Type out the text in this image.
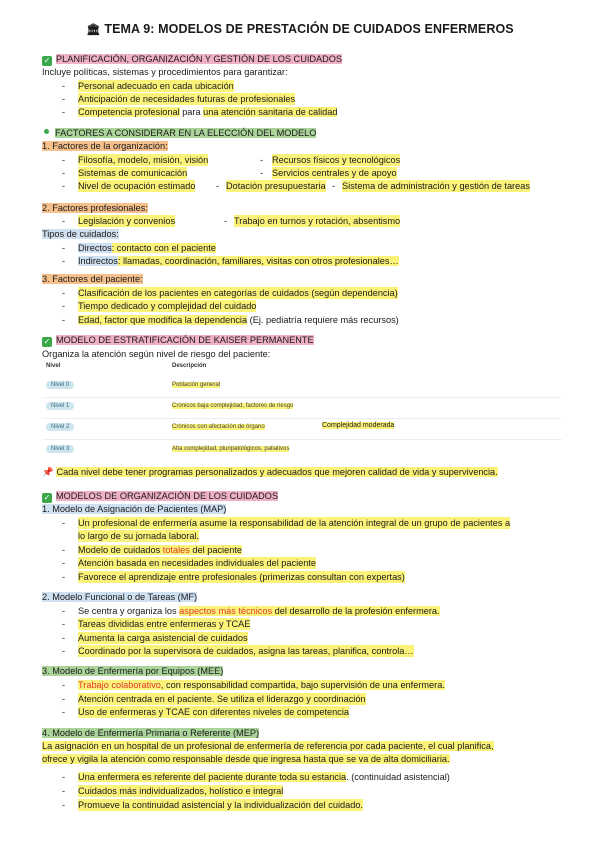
🏛 TEMA 9: MODELOS DE PRESTACIÓN DE CUIDADOS ENFERMEROS
✓ PLANIFICACIÓN, ORGANIZACIÓN Y GESTIÓN DE LOS CUIDADOS
Incluye políticas, sistemas y procedimientos para garantizar:
- Personal adecuado en cada ubicación
- Anticipación de necesidades futuras de profesionales
- Competencia profesional para una atención sanitaria de calidad
FACTORES A CONSIDERAR EN LA ELECCIÓN DEL MODELO
1. Factores de la organización:
- Filosofía, modelo, misión, visión	- Recursos físicos y tecnológicos
- Sistemas de comunicación	- Servicios centrales y de apoyo
- Nivel de ocupación estimado - Dotación presupuestaria - Sistema de administración y gestión de tareas
2. Factores profesionales:
- Legislación y convenios	- Trabajo en turnos y rotación, absentismo
Tipos de cuidados:
- Directos: contacto con el paciente
- Indirectos: llamadas, coordinación, familiares, visitas con otros profesionales…
3. Factores del paciente:
- Clasificación de los pacientes en categorías de cuidados (según dependencia)
- Tiempo dedicado y complejidad del cuidado
- Edad, factor que modifica la dependencia (Ej. pediatría requiere más recursos)
✓ MODELO DE ESTRATIFICACIÓN DE KAISER PERMANENTE
Organiza la atención según nivel de riesgo del paciente:
Nivel	Descripción
Nivel 0	Población general
Nivel 1	Crónicos baja complejidad, factores de riesgo
Nivel 2	Crónicos con afectación de órgano	Complejidad moderada
Nivel 3	Alta complejidad, pluripatológicos, paliativos
📌 Cada nivel debe tener programas personalizados y adecuados que mejoren calidad de vida y supervivencia.
✓ MODELOS DE ORGANIZACIÓN DE LOS CUIDADOS
1. Modelo de Asignación de Pacientes (MAP)
- Un profesional de enfermería asume la responsabilidad de la atención integral de un grupo de pacientes a
lo largo de su jornada laboral.
- Modelo de cuidados totales del paciente
- Atención basada en necesidades individuales del paciente
- Favorece el aprendizaje entre profesionales (primerizas consultan con expertas)
2. Modelo Funcional o de Tareas (MF)
- Se centra y organiza los aspectos más técnicos del desarrollo de la profesión enfermera.
- Tareas divididas entre enfermeras y TCAE
- Aumenta la carga asistencial de cuidados
- Coordinado por la supervisora de cuidados, asigna las tareas, planifica, controla…
3. Modelo de Enfermería por Equipos (MEE)
- Trabajo colaborativo, con responsabilidad compartida, bajo supervisión de una enfermera.
- Atención centrada en el paciente. Se utiliza el liderazgo y coordinación
- Uso de enfermeras y TCAE con diferentes niveles de competencia
4. Modelo de Enfermería Primaria o Referente (MEP)
La asignación en un hospital de un profesional de enfermería de referencia por cada paciente, el cual planifica,
ofrece y vigila la atención como responsable desde que ingresa hasta que se va de alta domiciliaria.
- Una enfermera es referente del paciente durante toda su estancia. (continuidad asistencial)
- Cuidados más individualizados, holístico e integral
- Promueve la continuidad asistencial y la individualización del cuidado.
